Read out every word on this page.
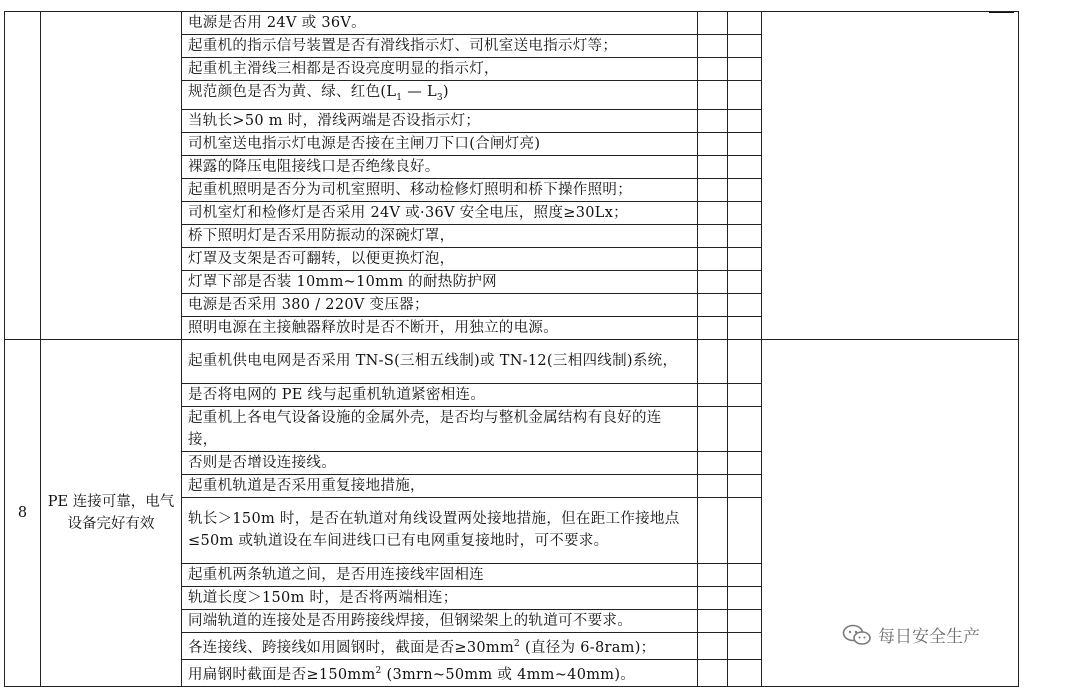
		电源是否用 24V 或 36V。			
		起重机的指示信号装置是否有滑线指示灯、司机室送电指示灯等；			
		起重机主滑线三相都是否设亮度明显的指示灯，			
		规范颜色是否为黄、绿、红色($L_1$ — $L_3$)			
		当轨长>50 m 时，滑线两端是否设指示灯；			
		司机室送电指示灯电源是否接在主闸刀下口(合闸灯亮)			
		裸露的降压电阻接线口是否绝缘良好。			
		起重机照明是否分为司机室照明、移动检修灯照明和桥下操作照明；			
		司机室灯和检修灯是否采用 24V 或·36V 安全电压，照度≥30Lx；			
		桥下照明灯是否采用防振动的深碗灯罩，			
		灯罩及支架是否可翻转，以便更换灯泡，			
		灯罩下部是否装 10mm~10mm 的耐热防护网			
		电源是否采用 380 / 220V 变压器；			
		照明电源在主接触器释放时是否不断开，用独立的电源。			
8	PE 连接可靠，电气设备完好有效	起重机供电电网是否采用 TN-S(三相五线制)或 TN-12(三相四线制)系统，			
		是否将电网的 PE 线与起重机轨道紧密相连。			
		起重机上各电气设备设施的金属外壳，是否均与整机金属结构有良好的连接，			
		否则是否增设连接线。			
		起重机轨道是否采用重复接地措施，			
		轨长＞150m 时，是否在轨道对角线设置两处接地措施，但在距工作接地点≤50m 或轨道设在车间进线口已有电网重复接地时，可不要求。			
		起重机两条轨道之间，是否用连接线牢固相连			
		轨道长度＞150m 时，是否将两端相连；			
		同端轨道的连接处是否用跨接线焊接，但钢梁架上的轨道可不要求。			
		各连接线、跨接线如用圆钢时，截面是否$\ge 30mm^2$ (直径为 6-8ram)；			
		用扁钢时截面是否$\ge 150mm^2$ (3mrn~50mm 或 4mm~40mm)。			
每日安全生产
